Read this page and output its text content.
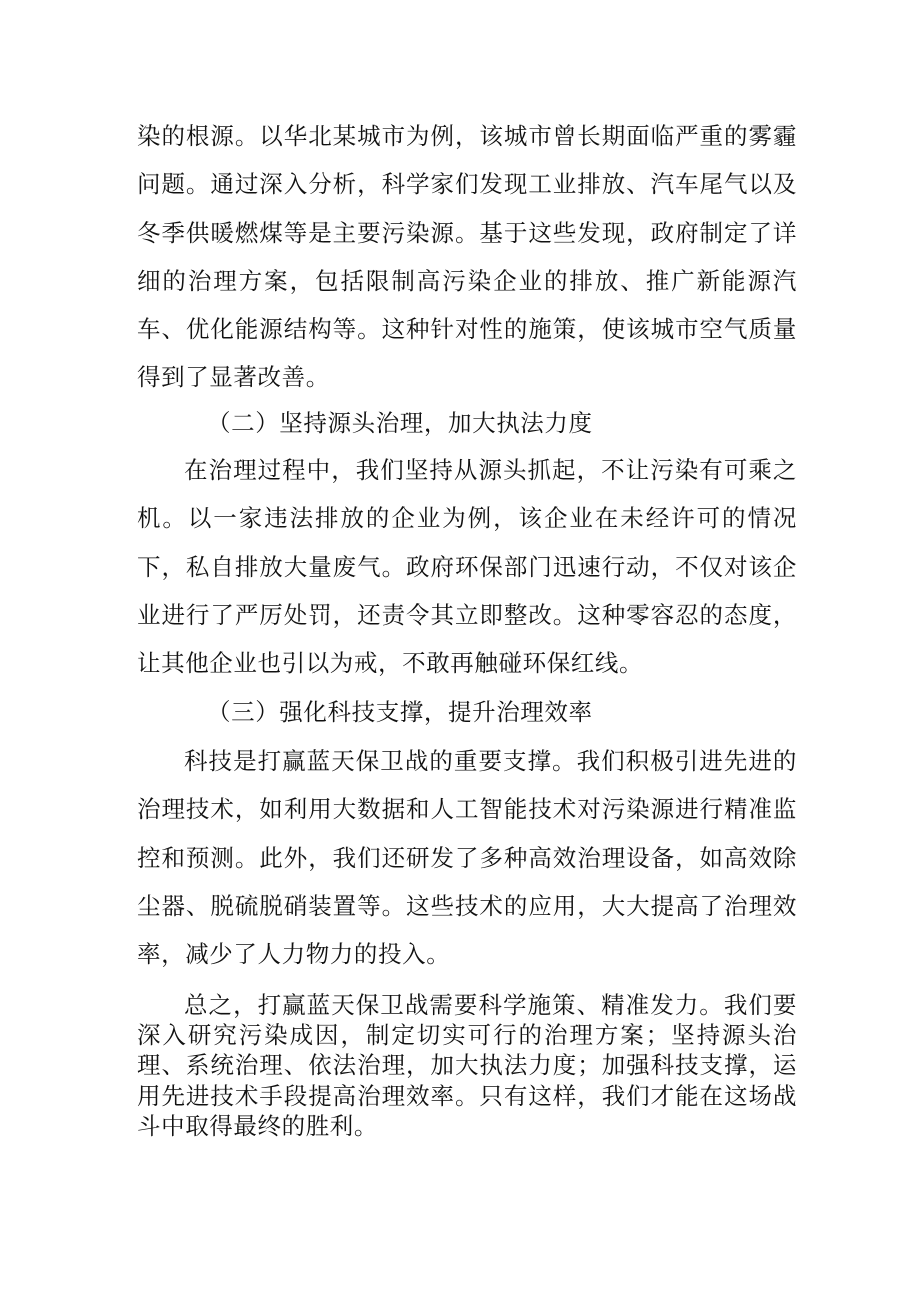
染的根源。以华北某城市为例，该城市曾长期面临严重的雾霾问题。通过深入分析，科学家们发现工业排放、汽车尾气以及冬季供暖燃煤等是主要污染源。基于这些发现，政府制定了详细的治理方案，包括限制高污染企业的排放、推广新能源汽车、优化能源结构等。这种针对性的施策，使该城市空气质量得到了显著改善。

（二）坚持源头治理，加大执法力度

在治理过程中，我们坚持从源头抓起，不让污染有可乘之机。以一家违法排放的企业为例，该企业在未经许可的情况下，私自排放大量废气。政府环保部门迅速行动，不仅对该企业进行了严厉处罚，还责令其立即整改。这种零容忍的态度，让其他企业也引以为戒，不敢再触碰环保红线。

（三）强化科技支撑，提升治理效率

科技是打赢蓝天保卫战的重要支撑。我们积极引进先进的治理技术，如利用大数据和人工智能技术对污染源进行精准监控和预测。此外，我们还研发了多种高效治理设备，如高效除尘器、脱硫脱硝装置等。这些技术的应用，大大提高了治理效率，减少了人力物力的投入。

总之，打赢蓝天保卫战需要科学施策、精准发力。我们要深入研究污染成因，制定切实可行的治理方案；坚持源头治理、系统治理、依法治理，加大执法力度；加强科技支撑，运用先进技术手段提高治理效率。只有这样，我们才能在这场战斗中取得最终的胜利。
